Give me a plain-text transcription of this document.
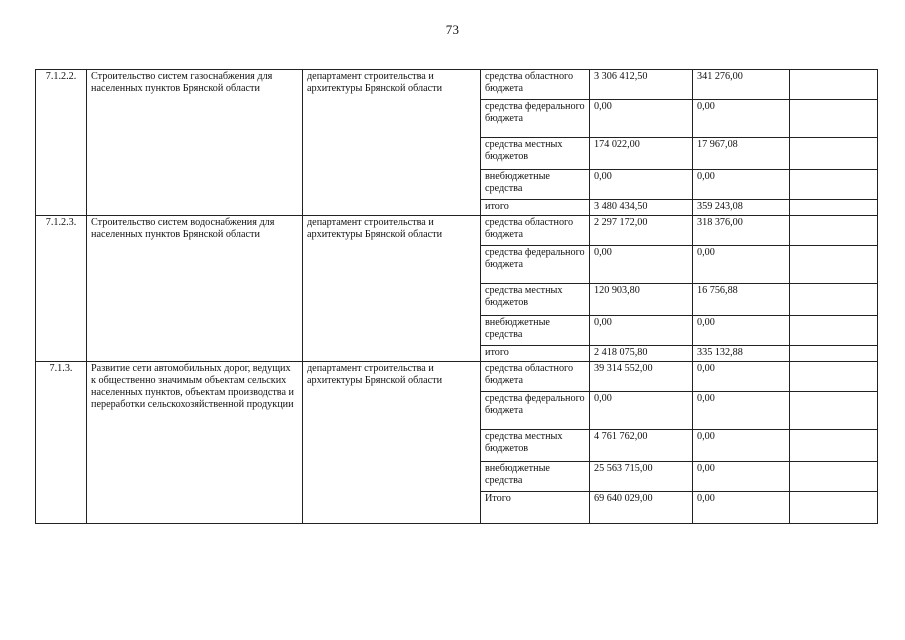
73
7.1.2.2.	Строительство систем газоснабжения для населенных пунктов Брянской области	департамент строительства и архитектуры Брянской области	средства областного бюджета	3 306 412,50	341 276,00	
			средства федерального бюджета	0,00	0,00	
			средства местных бюджетов	174 022,00	17 967,08	
			внебюджетные средства	0,00	0,00	
			итого	3 480 434,50	359 243,08	
7.1.2.3.	Строительство систем водоснабжения для населенных пунктов Брянской области	департамент строительства и архитектуры Брянской области	средства областного бюджета	2 297 172,00	318 376,00	
			средства федерального бюджета	0,00	0,00	
			средства местных бюджетов	120 903,80	16 756,88	
			внебюджетные средства	0,00	0,00	
			итого	2 418 075,80	335 132,88	
7.1.3.	Развитие сети автомобильных дорог, ведущих к общественно значимым объектам сельских населенных пунктов, объектам производства и переработки сельскохозяйственной продукции	департамент строительства и архитектуры Брянской области	средства областного бюджета	39 314 552,00	0,00	
			средства федерального бюджета	0,00	0,00	
			средства местных бюджетов	4 761 762,00	0,00	
			внебюджетные средства	25 563 715,00	0,00	
			Итого	69 640 029,00	0,00	
